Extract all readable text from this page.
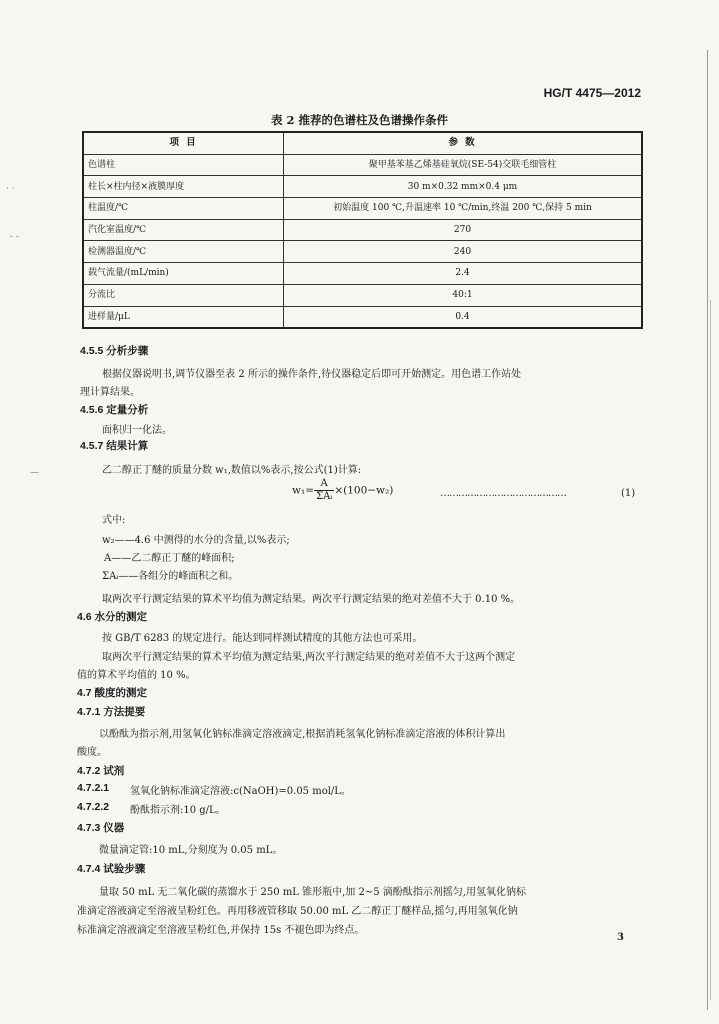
· ·
- -
—
HG/T 4475—2012
表 2 推荐的色谱柱及色谱操作条件
项 目	参 数
色谱柱	聚甲基苯基乙烯基硅氧烷(SE-54)交联毛细管柱
柱长×柱内径×液膜厚度	30 m×0.32 mm×0.4 μm
柱温度/℃	初始温度 100 ℃,升温速率 10 ℃/min,终温 200 ℃,保持 5 min
汽化室温度/℃	270
检测器温度/℃	240
载气流量/(mL/min)	2.4
分流比	40:1
进样量/μL	0.4
4.5.5 分析步骤
根据仪器说明书,调节仪器至表 2 所示的操作条件,待仪器稳定后即可开始测定。用色谱工作站处
理计算结果。
4.5.6 定量分析
面积归一化法。
4.5.7 结果计算
乙二醇正丁醚的质量分数 w₁,数值以%表示,按公式(1)计算:
$w_1= \frac{A}{\text{ΣAᵢ}} \times(100-w_2)$	……………………………………	(1)
式中:
w₂——4.6 中测得的水分的含量,以%表示;
A——乙二醇正丁醚的峰面积;
ΣAᵢ——各组分的峰面积之和。
取两次平行测定结果的算术平均值为测定结果。两次平行测定结果的绝对差值不大于 0.10 %。
4.6 水分的测定
按 GB/T 6283 的规定进行。能达到同样测试精度的其他方法也可采用。
取两次平行测定结果的算术平均值为测定结果,两次平行测定结果的绝对差值不大于这两个测定
值的算术平均值的 10 %。
4.7 酸度的测定
4.7.1 方法提要
以酚酞为指示剂,用氢氧化钠标准滴定溶液滴定,根据消耗氢氧化钠标准滴定溶液的体积计算出
酸度。
4.7.2 试剂
4.7.2.1 氢氧化钠标准滴定溶液:c(NaOH)=0.05 mol/L。
4.7.2.2 酚酞指示剂:10 g/L。
4.7.3 仪器
微量滴定管:10 mL,分刻度为 0.05 mL。
4.7.4 试验步骤
量取 50 mL 无二氧化碳的蒸馏水于 250 mL 锥形瓶中,加 2~5 滴酚酞指示剂摇匀,用氢氧化钠标
准滴定溶液滴定至溶液呈粉红色。再用移液管移取 50.00 mL 乙二醇正丁醚样品,摇匀,再用氢氧化钠
标准滴定溶液滴定至溶液呈粉红色,并保持 15s 不褪色即为终点。
3
